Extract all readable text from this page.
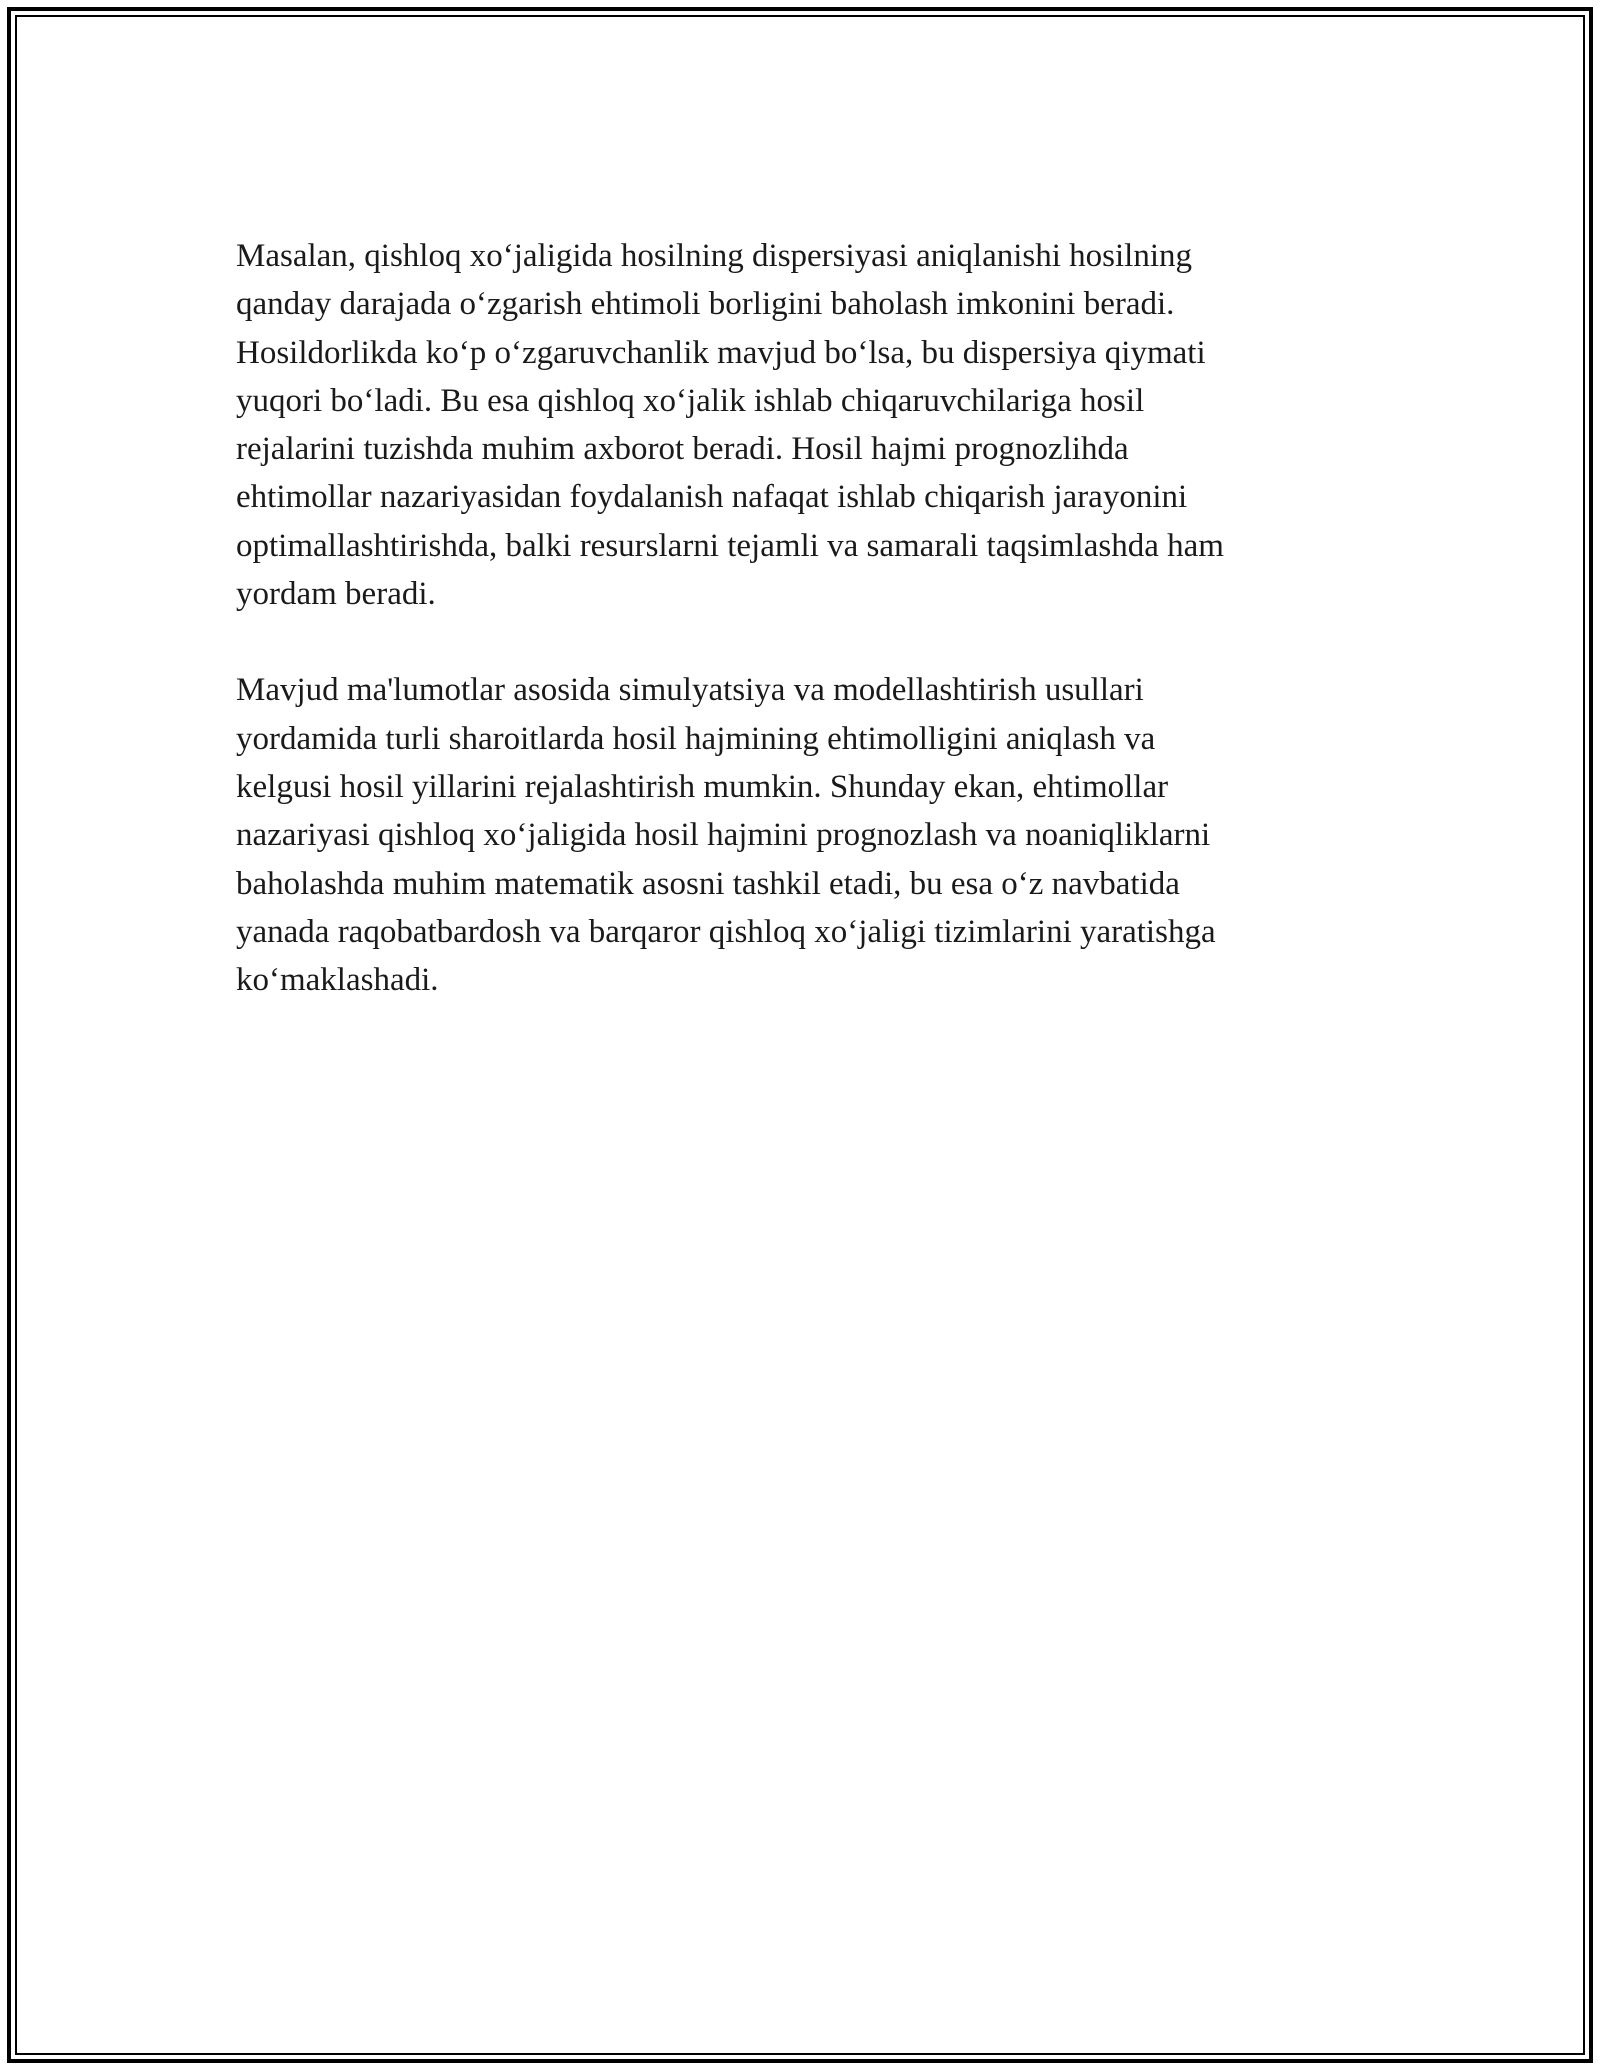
Masalan, qishloq xo‘jaligida hosilning dispersiyasi aniqlanishi hosilning
qanday darajada o‘zgarish ehtimoli borligini baholash imkonini beradi.
Hosildorlikda ko‘p o‘zgaruvchanlik mavjud bo‘lsa, bu dispersiya qiymati
yuqori bo‘ladi. Bu esa qishloq xo‘jalik ishlab chiqaruvchilariga hosil
rejalarini tuzishda muhim axborot beradi. Hosil hajmi prognozlihda
ehtimollar nazariyasidan foydalanish nafaqat ishlab chiqarish jarayonini
optimallashtirishda, balki resurslarni tejamli va samarali taqsimlashda ham
yordam beradi.

Mavjud ma'lumotlar asosida simulyatsiya va modellashtirish usullari
yordamida turli sharoitlarda hosil hajmining ehtimolligini aniqlash va
kelgusi hosil yillarini rejalashtirish mumkin. Shunday ekan, ehtimollar
nazariyasi qishloq xo‘jaligida hosil hajmini prognozlash va noaniqliklarni
baholashda muhim matematik asosni tashkil etadi, bu esa o‘z navbatida
yanada raqobatbardosh va barqaror qishloq xo‘jaligi tizimlarini yaratishga
ko‘maklashadi.
